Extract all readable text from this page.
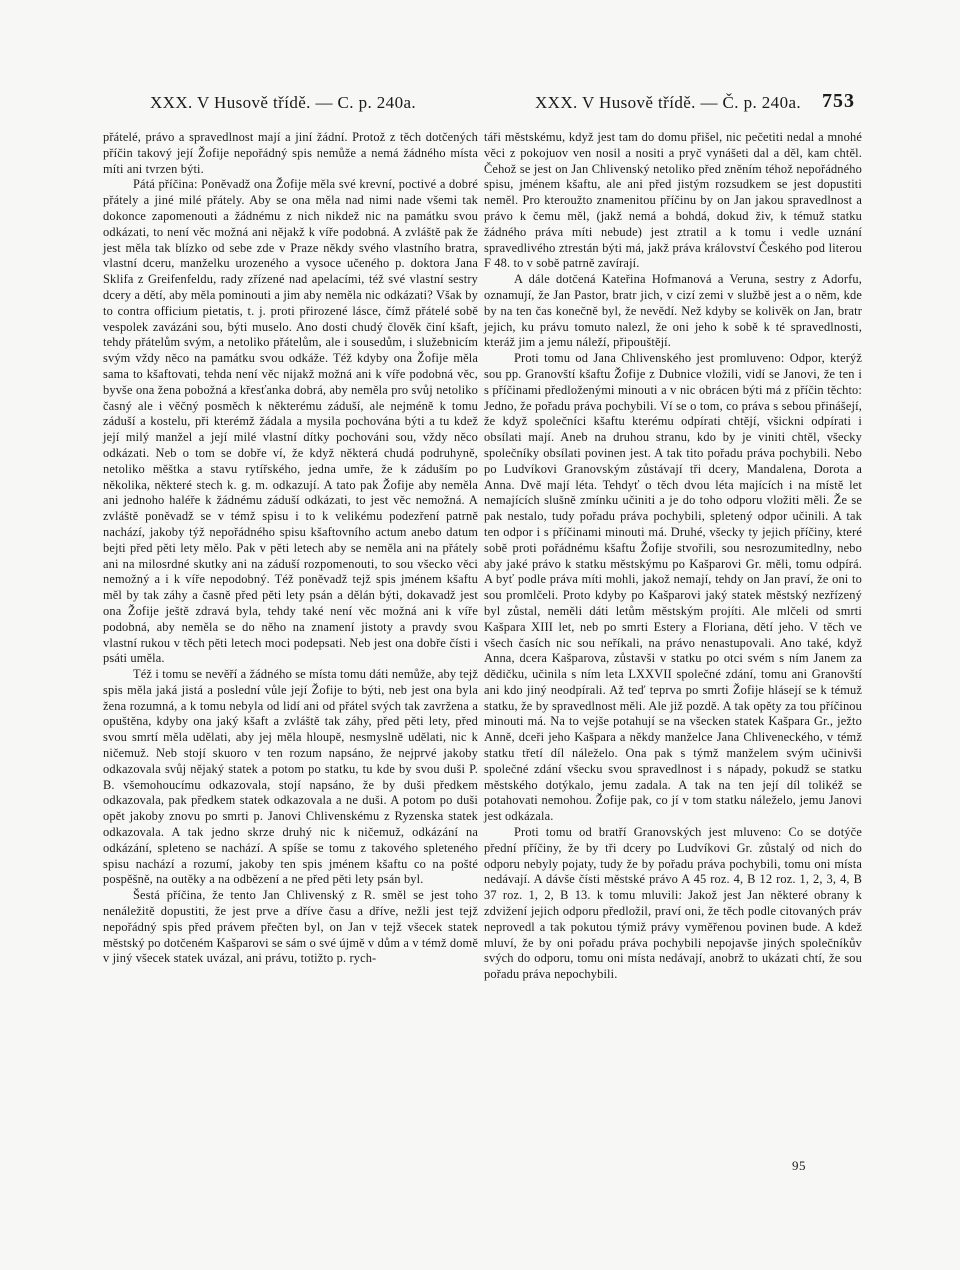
XXX. V Husově třídě. — C. p. 240a.	XXX. V Husově třídě. — Č. p. 240a. 753

přátelé, právo a spravedlnost mají a jiní žádní. Protož z těch dotčených příčin takový její Žofije nepořádný spis nemůže a nemá žádného místa míti ani tvrzen býti.

Pátá příčina: Poněvadž ona Žofije měla své krevní, poctivé a dobré přátely a jiné milé přátely. Aby se ona měla nad nimi nade všemi tak dokonce zapomenouti a žádnému z nich nikdež nic na památku svou odkázati, to není věc možná ani nějakž k víře podobná. A zvláště pak že jest měla tak blízko od sebe zde v Praze někdy svého vlastního bratra, vlastní dceru, manželku urozeného a vysoce učeného p. doktora Jana Sklifa z Greifenfeldu, rady zřízené nad apelacími, též své vlastní sestry dcery a dětí, aby měla pominouti a jim aby neměla nic odkázati? Však by to contra officium pietatis, t. j. proti přirozené lásce, čímž přátelé sobě vespolek zavázáni sou, býti muselo. Ano dosti chudý člověk činí kšaft, tehdy přátelům svým, a netoliko přátelům, ale i sousedům, i služebnicím svým vždy něco na památku svou odkáže. Též kdyby ona Žofije měla sama to kšaftovati, tehda není věc nijakž možná ani k víře podobná věc, byvše ona žena pobožná a křesťanka dobrá, aby neměla pro svůj netoliko časný ale i věčný posměch k některému záduší, ale nejméně k tomu záduší a kostelu, při kterémž žádala a mysila pochována býti a tu kdež její milý manžel a její milé vlastní dítky pochováni sou, vždy něco odkázati. Neb o tom se dobře ví, že když některá chudá podruhyně, netoliko měštka a stavu rytířského, jedna umře, že k záduším po několika, některé stech k. g. m. odkazují. A tato pak Žofije aby neměla ani jednoho haléře k žádnému záduší odkázati, to jest věc nemožná. A zvláště poněvadž se v témž spisu i to k velikému podezření patrně nachází, jakoby týž nepořádného spisu kšaftovního actum anebo datum bejti před pěti lety mělo. Pak v pěti letech aby se neměla ani na přátely ani na milosrdné skutky ani na záduší rozpomenouti, to sou všecko věci nemožný a i k víře nepodobný. Též poněvadž tejž spis jménem kšaftu měl by tak záhy a časně před pěti lety psán a dělán býti, dokavadž jest ona Žofije ještě zdravá byla, tehdy také není věc možná ani k víře podobná, aby neměla se do něho na znamení jistoty a pravdy svou vlastní rukou v těch pěti letech moci podepsati. Neb jest ona dobře čísti i psáti uměla.

Též i tomu se nevěří a žádného se místa tomu dáti nemůže, aby tejž spis měla jaká jistá a poslední vůle její Žofije to býti, neb jest ona byla žena rozumná, a k tomu nebyla od lidí ani od přátel svých tak zavržena a opuštěna, kdyby ona jaký kšaft a zvláště tak záhy, před pěti lety, před svou smrtí měla udělati, aby jej měla hloupě, nesmyslně udělati, nic k ničemuž. Neb stojí skuoro v ten rozum napsáno, že nejprvé jakoby odkazovala svůj nějaký statek a potom po statku, tu kde by svou duši P. B. všemohoucímu odkazovala, stojí napsáno, že by duši předkem odkazovala, pak předkem statek odkazovala a ne duši. A potom po duši opět jakoby znovu po smrti p. Janovi Chlivenskému z Ryzenska statek odkazovala. A tak jedno skrze druhý nic k ničemuž, odkázání na odkázání, spleteno se nachází. A spíše se tomu z takového spleteného spisu nachází a rozumí, jakoby ten spis jménem kšaftu co na pošté pospěšně, na outěky a na odbězení a ne před pěti lety psán byl.

Šestá příčina, že tento Jan Chlivenský z R. směl se jest toho nenáležitě dopustiti, že jest prve a dříve času a dříve, nežli jest tejž nepořádný spis před právem přečten byl, on Jan v tejž všecek statek městský po dotčeném Kašparovi se sám o své újmě v dům a v témž domě v jiný všecek statek uvázal, ani právu, totižto p. rych-

táři městskému, když jest tam do domu přišel, nic pečetiti nedal a mnohé věci z pokojuov ven nosil a nositi a pryč vynášeti dal a děl, kam chtěl. Čehož se jest on Jan Chlivenský netoliko před zněním téhož nepořádného spisu, jménem kšaftu, ale ani před jistým rozsudkem se jest dopustiti neměl. Pro kteroužto znamenitou příčinu by on Jan jakou spravedlnost a právo k čemu měl, (jakž nemá a bohdá, dokud živ, k témuž statku žádného práva míti nebude) jest ztratil a k tomu i vedle uznání spravedlivého ztrestán býti má, jakž práva království Českého pod literou F 48. to v sobě patrně zavírají.

A dále dotčená Kateřina Hofmanová a Veruna, sestry z Adorfu, oznamují, že Jan Pastor, bratr jich, v cizí zemi v službě jest a o něm, kde by na ten čas konečně byl, že nevědí. Než kdyby se kolivěk on Jan, bratr jejich, ku právu tomuto nalezl, že oni jeho k sobě k té spravedlnosti, kteráž jim a jemu náleží, připouštějí.

Proti tomu od Jana Chlivenského jest promluveno: Odpor, kterýž sou pp. Granovští kšaftu Žofije z Dubnice vložili, vidí se Janovi, že ten i s příčinami předloženými minouti a v nic obrácen býti má z příčin těchto: Jedno, že pořadu práva pochybili. Ví se o tom, co práva s sebou přinášejí, že když společníci kšaftu kterému odpírati chtějí, všickni odpírati i obsílati mají. Aneb na druhou stranu, kdo by je viniti chtěl, všecky společníky obsílati povinen jest. A tak tito pořadu práva pochybili. Nebo po Ludvíkovi Granovským zůstávají tři dcery, Mandalena, Dorota a Anna. Dvě mají léta. Tehdyť o těch dvou léta majících i na místě let nemajících slušně zmínku učiniti a je do toho odporu vložiti měli. Že se pak nestalo, tudy pořadu práva pochybili, spletený odpor učinili. A tak ten odpor i s příčinami minouti má. Druhé, všecky ty jejich příčiny, které sobě proti pořádnému kšaftu Žofije stvořili, sou nesrozumitedlny, nebo aby jaké právo k statku městskýmu po Kašparovi Gr. měli, tomu odpírá. A byť podle práva míti mohli, jakož nemají, tehdy on Jan praví, že oni to sou promlčeli. Proto kdyby po Kašparovi jaký statek městský nezřízený byl zůstal, neměli dáti letům městským projíti. Ale mlčeli od smrti Kašpara XIII let, neb po smrti Estery a Floriana, dětí jeho. V těch ve všech časích nic sou neříkali, na právo nenastupovali. Ano také, když Anna, dcera Kašparova, zůstavši v statku po otci svém s ním Janem za dědičku, učinila s ním leta LXXVII společné zdání, tomu ani Granovští ani kdo jiný neodpírali. Až teď teprva po smrti Žofije hlásejí se k témuž statku, že by spravedlnost měli. Ale již pozdě. A tak opěty za tou příčinou minouti má. Na to vejše potahují se na všecken statek Kašpara Gr., ježto Anně, dceři jeho Kašpara a někdy manželce Jana Chliveneckého, v témž statku třetí díl náleželo. Ona pak s týmž manželem svým učinivši společné zdání všecku svou spravedlnost i s nápady, pokudž se statku městského dotýkalo, jemu zadala. A tak na ten její díl tolikéž se potahovati nemohou. Žofije pak, co jí v tom statku náleželo, jemu Janovi jest odkázala.

Proti tomu od bratří Granovských jest mluveno: Co se dotýče přední příčiny, že by tři dcery po Ludvíkovi Gr. zůstalý od nich do odporu nebyly pojaty, tudy že by pořadu práva pochybili, tomu oni místa nedávají. A dávše čísti městské právo A 45 roz. 4, B 12 roz. 1, 2, 3, 4, B 37 roz. 1, 2, B 13. k tomu mluvili: Jakož jest Jan některé obrany k zdvižení jejich odporu předložil, praví oni, že těch podle citovaných práv neprovedl a tak pokutou týmiž právy vyměřenou povinen bude. A kdež mluví, že by oni pořadu práva pochybili nepojavše jiných společníkův svých do odporu, tomu oni místa nedávají, anobrž to ukázati chtí, že sou pořadu práva nepochybili.

95
